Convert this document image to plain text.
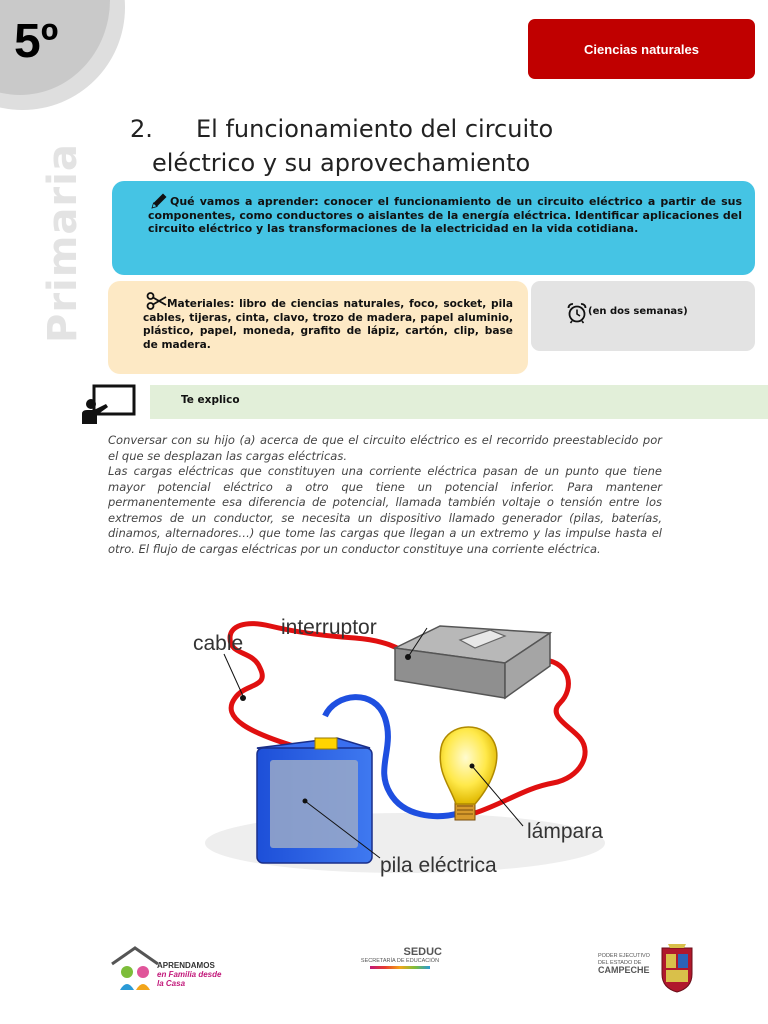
5º
Primaria
Ciencias naturales
2. El funcionamiento del circuito
eléctrico y su aprovechamiento
Qué vamos a aprender: conocer el funcionamiento de un circuito eléctrico a partir de sus componentes, como conductores o aislantes de la energía eléctrica. Identificar aplicaciones del circuito eléctrico y las transformaciones de la electricidad en la vida cotidiana.
Materiales: libro de ciencias naturales, foco, socket, pila cables, tijeras, cinta, clavo, trozo de madera, papel aluminio, plástico, papel, moneda, grafito de lápiz, cartón, clip, base de madera.
(en dos semanas)
Te explico

Conversar con su hijo (a) acerca de que el circuito eléctrico es el recorrido preestablecido por el que se desplazan las cargas eléctricas.

Las cargas eléctricas que constituyen una corriente eléctrica pasan de un punto que tiene mayor potencial eléctrico a otro que tiene un potencial inferior. Para mantener permanentemente esa diferencia de potencial, llamada también voltaje o tensión entre los extremos de un conductor, se necesita un dispositivo llamado generador (pilas, baterías, dinamos, alternadores…) que tome las cargas que llegan a un extremo y las impulse hasta el otro. El flujo de cargas eléctricas por un conductor constituye una corriente eléctrica.

cable
interruptor
lámpara
pila eléctrica
APRENDAMOS
en Familia desde
la Casa
SEDUC
SECRETARÍA DE EDUCACIÓN
PODER EJECUTIVO
DEL ESTADO DE
CAMPECHE
